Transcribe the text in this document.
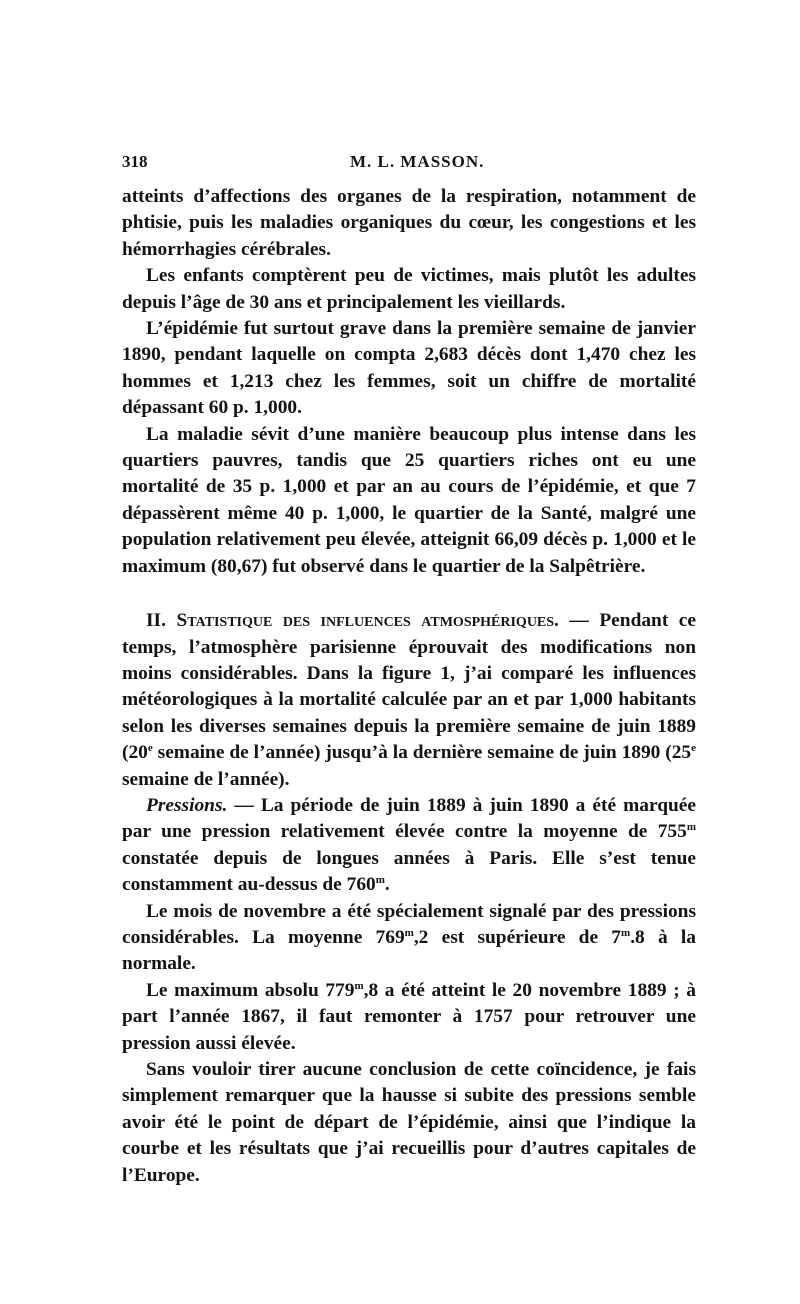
318	M. L. MASSON.

atteints d’affections des organes de la respiration, notamment de phtisie, puis les maladies organiques du cœur, les congestions et les hémorrhagies cérébrales.

Les enfants comptèrent peu de victimes, mais plutôt les adultes depuis l’âge de 30 ans et principalement les vieillards.

L’épidémie fut surtout grave dans la première semaine de janvier 1890, pendant laquelle on compta 2,683 décès dont 1,470 chez les hommes et 1,213 chez les femmes, soit un chiffre de mortalité dépassant 60 p. 1,000.

La maladie sévit d’une manière beaucoup plus intense dans les quartiers pauvres, tandis que 25 quartiers riches ont eu une mortalité de 35 p. 1,000 et par an au cours de l’épidémie, et que 7 dépassèrent même 40 p. 1,000, le quartier de la Santé, malgré une population relativement peu élevée, atteignit 66,09 décès p. 1,000 et le maximum (80,67) fut observé dans le quartier de la Salpêtrière.

II. Statistique des influences atmosphériques. — Pendant ce temps, l’atmosphère parisienne éprouvait des modifications non moins considérables. Dans la figure 1, j’ai comparé les influences météorologiques à la mortalité calculée par an et par 1,000 habitants selon les diverses semaines depuis la première semaine de juin 1889 (20e semaine de l’année) jusqu’à la dernière semaine de juin 1890 (25e semaine de l’année).

Pressions. — La période de juin 1889 à juin 1890 a été marquée par une pression relativement élevée contre la moyenne de 755$^m$ constatée depuis de longues années à Paris. Elle s’est tenue constamment au-dessus de 760$^m$.

Le mois de novembre a été spécialement signalé par des pressions considérables. La moyenne 769$^m$,2 est supérieure de 7$^m$.8 à la normale.

Le maximum absolu 779$^m$,8 a été atteint le 20 novembre 1889 ; à part l’année 1867, il faut remonter à 1757 pour retrouver une pression aussi élevée.

Sans vouloir tirer aucune conclusion de cette coïncidence, je fais simplement remarquer que la hausse si subite des pressions semble avoir été le point de départ de l’épidémie, ainsi que l’indique la courbe et les résultats que j’ai recueillis pour d’autres capitales de l’Europe.
